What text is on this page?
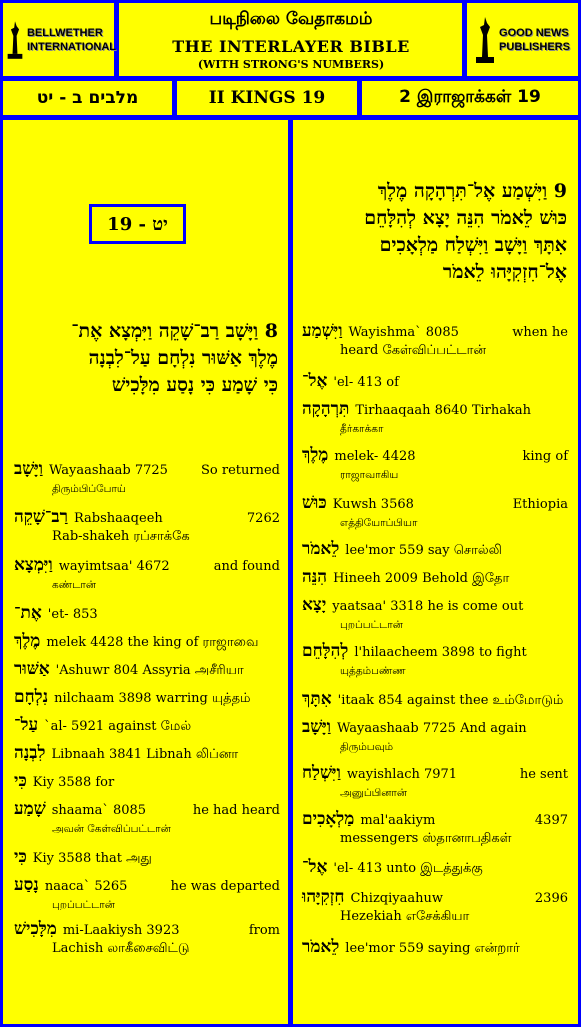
BELLWETHER
INTERNATIONAL
GOOD NEWS
PUBLISHERS
படிநிலை வேதாகமம்
THE INTERLAYER BIBLE
(WITH STRONG'S NUMBERS)
מלבים ב - יט	II KINGS 19	2 இராஜாக்கள் 19
19 - יט
9 וַיִּשְׁמַע אֶל־תִּרְהָקָה מֶלֶךְ
כּוּשׁ לֵאמֹר הִנֵּה יָצָא לְהִלָּחֵם
אִתָּךְ וַיָּשָׁב וַיִּשְׁלַח מַלְאָכִים
אֶל־חִזְקִיָּהוּ לֵאמֹר
8 וַיָּשָׁב רַב־שָׁקֵה וַיִּמְצָא אֶת־
מֶלֶךְ אַשּׁוּר נִלְחָם עַל־לִבְנָה
כִּי שָׁמַע כִּי נָסַע מִלָּכִישׁ
וַיָּשָׁב Wayaashaab 7725	So returned
திரும்பிப்போய்
רַב־שָׁקֵה Rabshaaqeeh	7262
Rab-shakeh ரப்சாக்கே
וַיִּמְצָא wayimtsaa' 4672	and found
கண்டான்
אֶת־ 'et- 853
מֶלֶךְ melek 4428 the king of ராஜாவை
אַשּׁוּר 'Ashuwr 804 Assyria அசீரியா
נִלְחָם nilchaam 3898 warring யுத்தம்
עַל־ `al- 5921 against மேல்
לִבְנָה Libnaah 3841 Libnah லிப்னா
כִּי Kiy 3588 for
שָׁמַע shaama` 8085	he had heard
அவன் கேள்விப்பட்டான்
כִּי Kiy 3588 that அது
נָסַע naaca` 5265	he was departed
புறப்பட்டான்
מִלָּכִישׁ mi-Laakiysh 3923	from
Lachish லாகீசைவிட்டு
וַיִּשְׁמַע Wayishma` 8085	when he
heard கேள்விப்பட்டான்
אֶל־ 'el- 413 of
תִּרְהָקָה Tirhaaqaah 8640 Tirhakah
தீர்காக்கா
מֶלֶךְ melek- 4428	king of
ராஜாவாகிய
כּוּשׁ Kuwsh 3568	Ethiopia
எத்தியோப்பியா
לֵאמֹר lee'mor 559 say சொல்லி
הִנֵּה Hineeh 2009 Behold இதோ
יָצָא yaatsaa' 3318 he is come out
புறப்பட்டான்
לְהִלָּחֵם l'hilaacheem 3898 to fight
யுத்தம்பண்ண
אִתָּךְ 'itaak 854 against thee உம்மோடும்
וַיָּשָׁב Wayaashaab 7725 And again
திரும்பவும்
וַיִּשְׁלַח wayishlach 7971	he sent
அனுப்பினான்
מַלְאָכִים mal'aakiym	4397
messengers ஸ்தானாபதிகள்
אֶל־ 'el- 413 unto இடத்துக்கு
חִזְקִיָּהוּ Chizqiyaahuw	2396
Hezekiah எசேக்கியா
לֵאמֹר lee'mor 559 saying என்றார்
